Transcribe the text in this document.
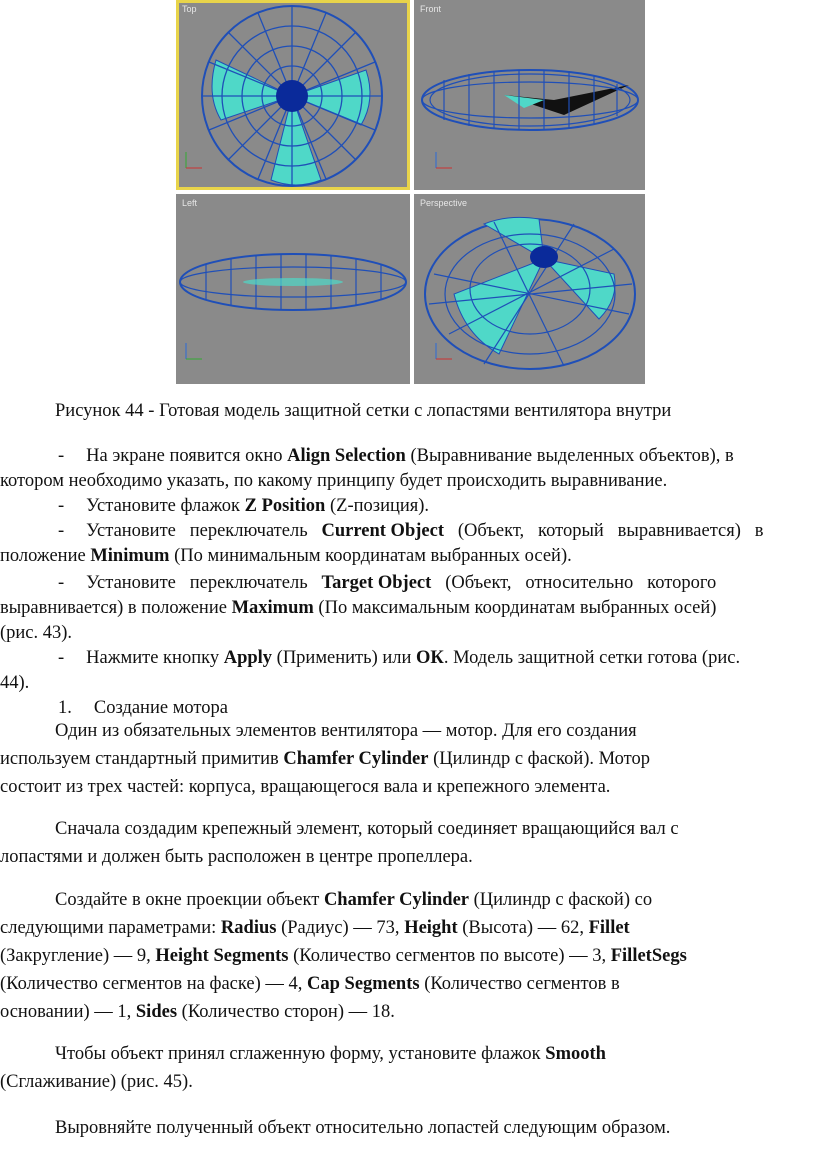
Top	Front
Left	Perspective
Рисунок 44 - Готовая модель защитной сетки с лопастями вентилятора внутри
- На экране появится окно Align Selection (Выравнивание выделенных объектов), в
котором необходимо указать, по какому принципу будет происходить выравнивание.
- Установите флажок Z Position (Z-позиция).
- Установите   переключатель   Current Object   (Объект,   который   выравнивается)   в
положение Minimum (По минимальным координатам выбранных осей).
- Установите   переключатель   Target Object   (Объект,   относительно   которого
выравнивается) в положение Maximum (По максимальным координатам выбранных осей)
(рис. 43).
- Нажмите кнопку Apply (Применить) или ОК. Модель защитной сетки готова (рис.
44).
1. Создание мотора
Один из обязательных элементов вентилятора — мотор. Для его создания
используем стандартный примитив Chamfer Cylinder (Цилиндр с фаской). Мотор
состоит из трех частей: корпуса, вращающегося вала и крепежного элемента.
Сначала создадим крепежный элемент, который соединяет вращающийся вал с
лопастями и должен быть расположен в центре пропеллера.
Создайте в окне проекции объект Chamfer Cylinder (Цилиндр с фаской) со
следующими параметрами: Radius (Радиус) — 73, Height (Высота) — 62, Fillet
(Закругление) — 9, Height Segments (Количество сегментов по высоте) — 3, FilletSegs
(Количество сегментов на фаске) — 4, Cap Segments (Количество сегментов в
основании) — 1, Sides (Количество сторон) — 18.
Чтобы объект принял сглаженную форму, установите флажок Smooth
(Сглаживание) (рис. 45).
Выровняйте полученный объект относительно лопастей следующим образом.
